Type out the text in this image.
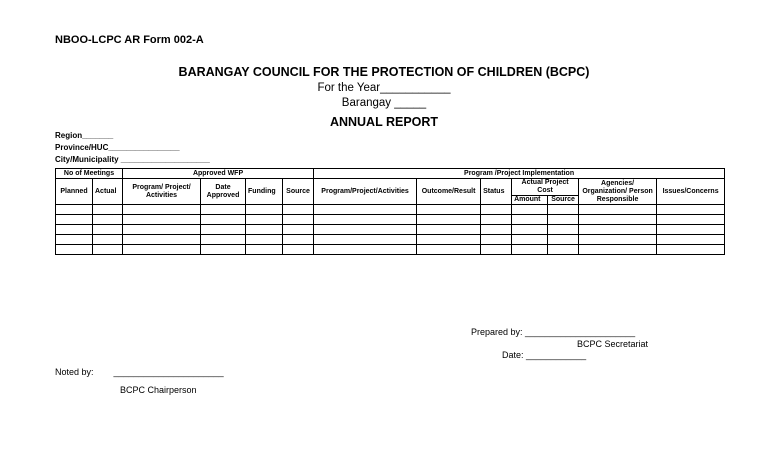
NBOO-LCPC AR Form 002-A
BARANGAY COUNCIL FOR THE PROTECTION OF CHILDREN (BCPC)
For the Year___________
Barangay _____
ANNUAL REPORT
Region_______
Province/HUC________________
City/Municipality ____________________
No of Meetings		Approved WFP				Program /Project Implementation						
Planned	Actual	Program/ Project/ Activities	Date Approved	Funding	Source	Program/Project/Activities	Outcome/Result	Status	Actual Project Cost		Agencies/ Organization/ Person Responsible	Issues/Concerns
									Amount	Source		

Prepared by: ______________________
BCPC Secretariat
Date: ____________
Noted by:        ______________________
BCPC Chairperson
